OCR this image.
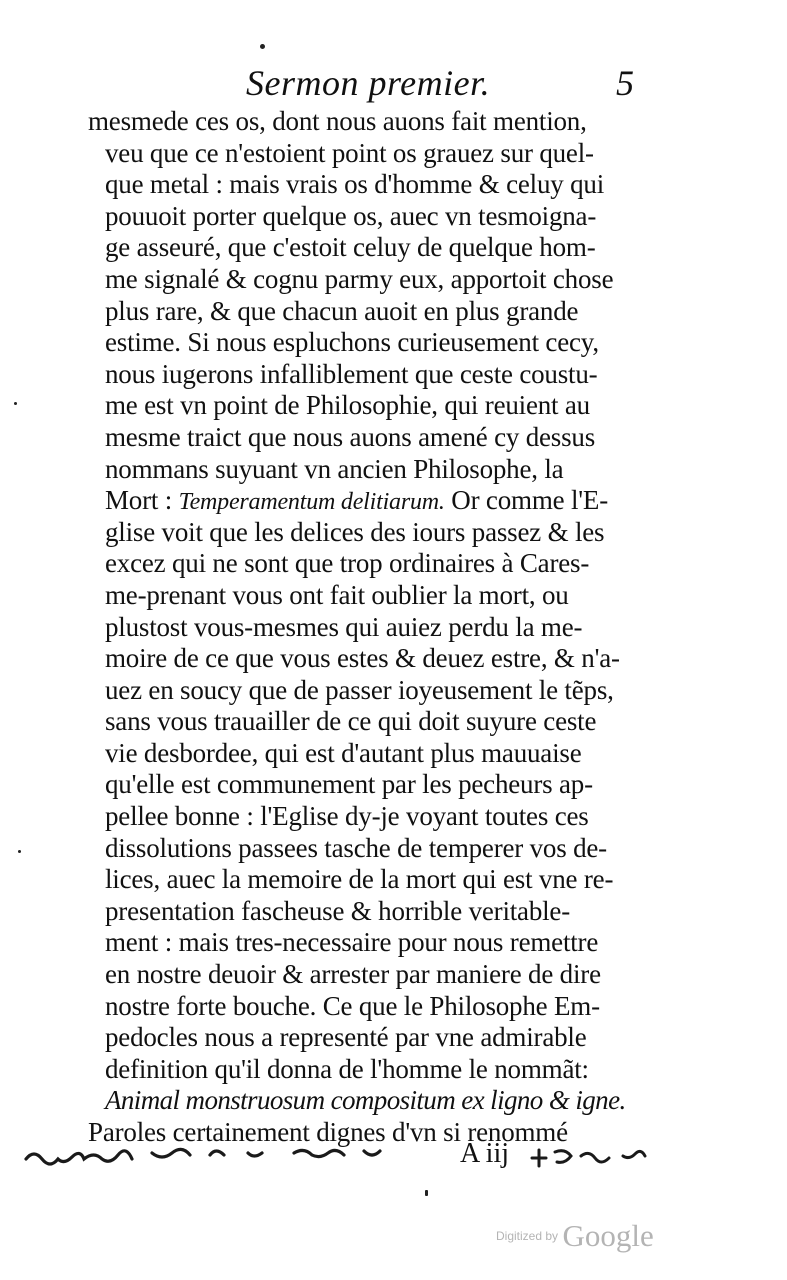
Sermon premier.	5
mesmede ces os, dont nous auons fait mention,
veu que ce n'estoient point os grauez sur quel-
que metal : mais vrais os d'homme & celuy qui
pouuoit porter quelque os, auec vn tesmoigna-
ge asseuré, que c'estoit celuy de quelque hom-
me signalé & cognu parmy eux, apportoit chose
plus rare, & que chacun auoit en plus grande
estime. Si nous espluchons curieusement cecy,
nous iugerons infalliblement que ceste coustu-
me est vn point de Philosophie, qui reuient au
mesme traict que nous auons amené cy dessus
nommans suyuant vn ancien Philosophe, la
Mort : Temperamentum delitiarum. Or comme l'E-
glise voit que les delices des iours passez & les
excez qui ne sont que trop ordinaires à Cares-
me-prenant vous ont fait oublier la mort, ou
plustost vous-mesmes qui auiez perdu la me-
moire de ce que vous estes & deuez estre, & n'a-
uez en soucy que de passer ioyeusement le tẽps,
sans vous trauailler de ce qui doit suyure ceste
vie desbordee, qui est d'autant plus mauuaise
qu'elle est communement par les pecheurs ap-
pellee bonne : l'Eglise dy-je voyant toutes ces
dissolutions passees tasche de temperer vos de-
lices, auec la memoire de la mort qui est vne re-
presentation fascheuse & horrible veritable-
ment : mais tres-necessaire pour nous remettre
en nostre deuoir & arrester par maniere de dire
nostre forte bouche. Ce que le Philosophe Em-
pedocles nous a representé par vne admirable
definition qu'il donna de l'homme le nommãt:
Animal monstruosum compositum ex ligno & igne.
Paroles certainement dignes d'vn si renommé
A iij
Digitized by Google
